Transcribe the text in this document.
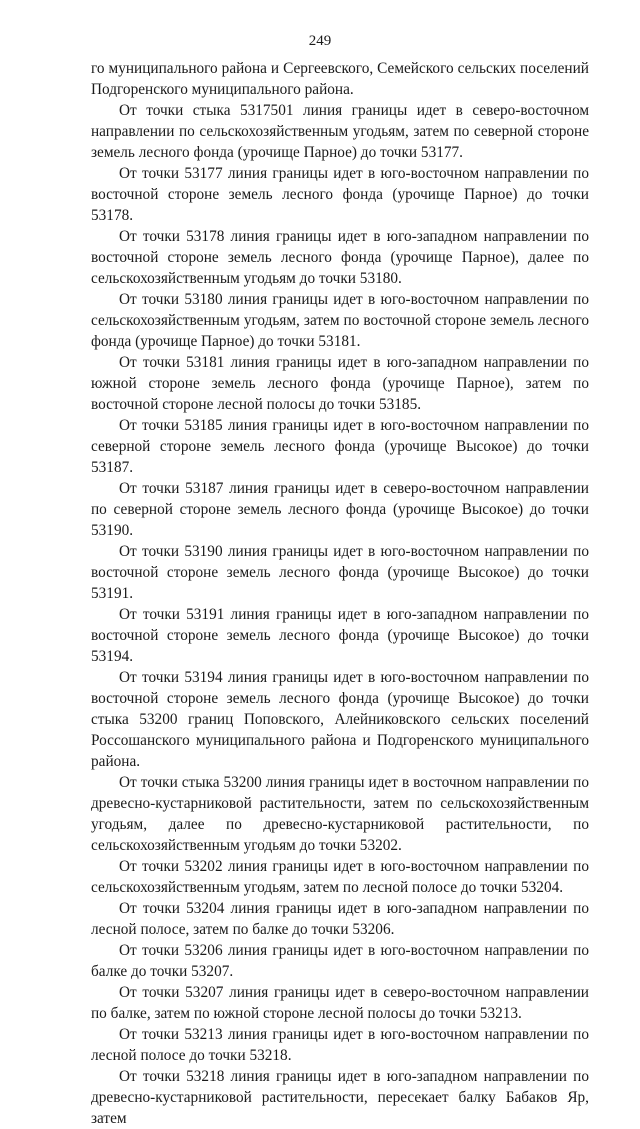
249

го муниципального района и Сергеевского, Семейского сельских поселений Подгоренского муниципального района.

От точки стыка 5317501 линия границы идет в северо-восточном направлении по сельскохозяйственным угодьям, затем по северной стороне земель лесного фонда (урочище Парное) до точки 53177.

От точки 53177 линия границы идет в юго-восточном направлении по восточной стороне земель лесного фонда (урочище Парное) до точки 53178.

От точки 53178 линия границы идет в юго-западном направлении по восточной стороне земель лесного фонда (урочище Парное), далее по сельскохозяйственным угодьям до точки 53180.

От точки 53180 линия границы идет в юго-восточном направлении по сельскохозяйственным угодьям, затем по восточной стороне земель лесного фонда (урочище Парное) до точки 53181.

От точки 53181 линия границы идет в юго-западном направлении по южной стороне земель лесного фонда (урочище Парное), затем по восточной стороне лесной полосы до точки 53185.

От точки 53185 линия границы идет в юго-восточном направлении по северной стороне земель лесного фонда (урочище Высокое) до точки 53187.

От точки 53187 линия границы идет в северо-восточном направлении по северной стороне земель лесного фонда (урочище Высокое) до точки 53190.

От точки 53190 линия границы идет в юго-восточном направлении по восточной стороне земель лесного фонда (урочище Высокое) до точки 53191.

От точки 53191 линия границы идет в юго-западном направлении по восточной стороне земель лесного фонда (урочище Высокое) до точки 53194.

От точки 53194 линия границы идет в юго-восточном направлении по восточной стороне земель лесного фонда (урочище Высокое) до точки стыка 53200 границ Поповского, Алейниковского сельских поселений Россошанского муниципального района и Подгоренского муниципального района.

От точки стыка 53200 линия границы идет в восточном направлении по древесно-кустарниковой растительности, затем по сельскохозяйственным угодьям, далее по древесно-кустарниковой растительности, по сельскохозяйственным угодьям до точки 53202.

От точки 53202 линия границы идет в юго-восточном направлении по сельскохозяйственным угодьям, затем по лесной полосе до точки 53204.

От точки 53204 линия границы идет в юго-западном направлении по лесной полосе, затем по балке до точки 53206.

От точки 53206 линия границы идет в юго-восточном направлении по балке до точки 53207.

От точки 53207 линия границы идет в северо-восточном направлении по балке, затем по южной стороне лесной полосы до точки 53213.

От точки 53213 линия границы идет в юго-восточном направлении по лесной полосе до точки 53218.

От точки 53218 линия границы идет в юго-западном направлении по древесно-кустарниковой растительности, пересекает балку Бабаков Яр, затем
